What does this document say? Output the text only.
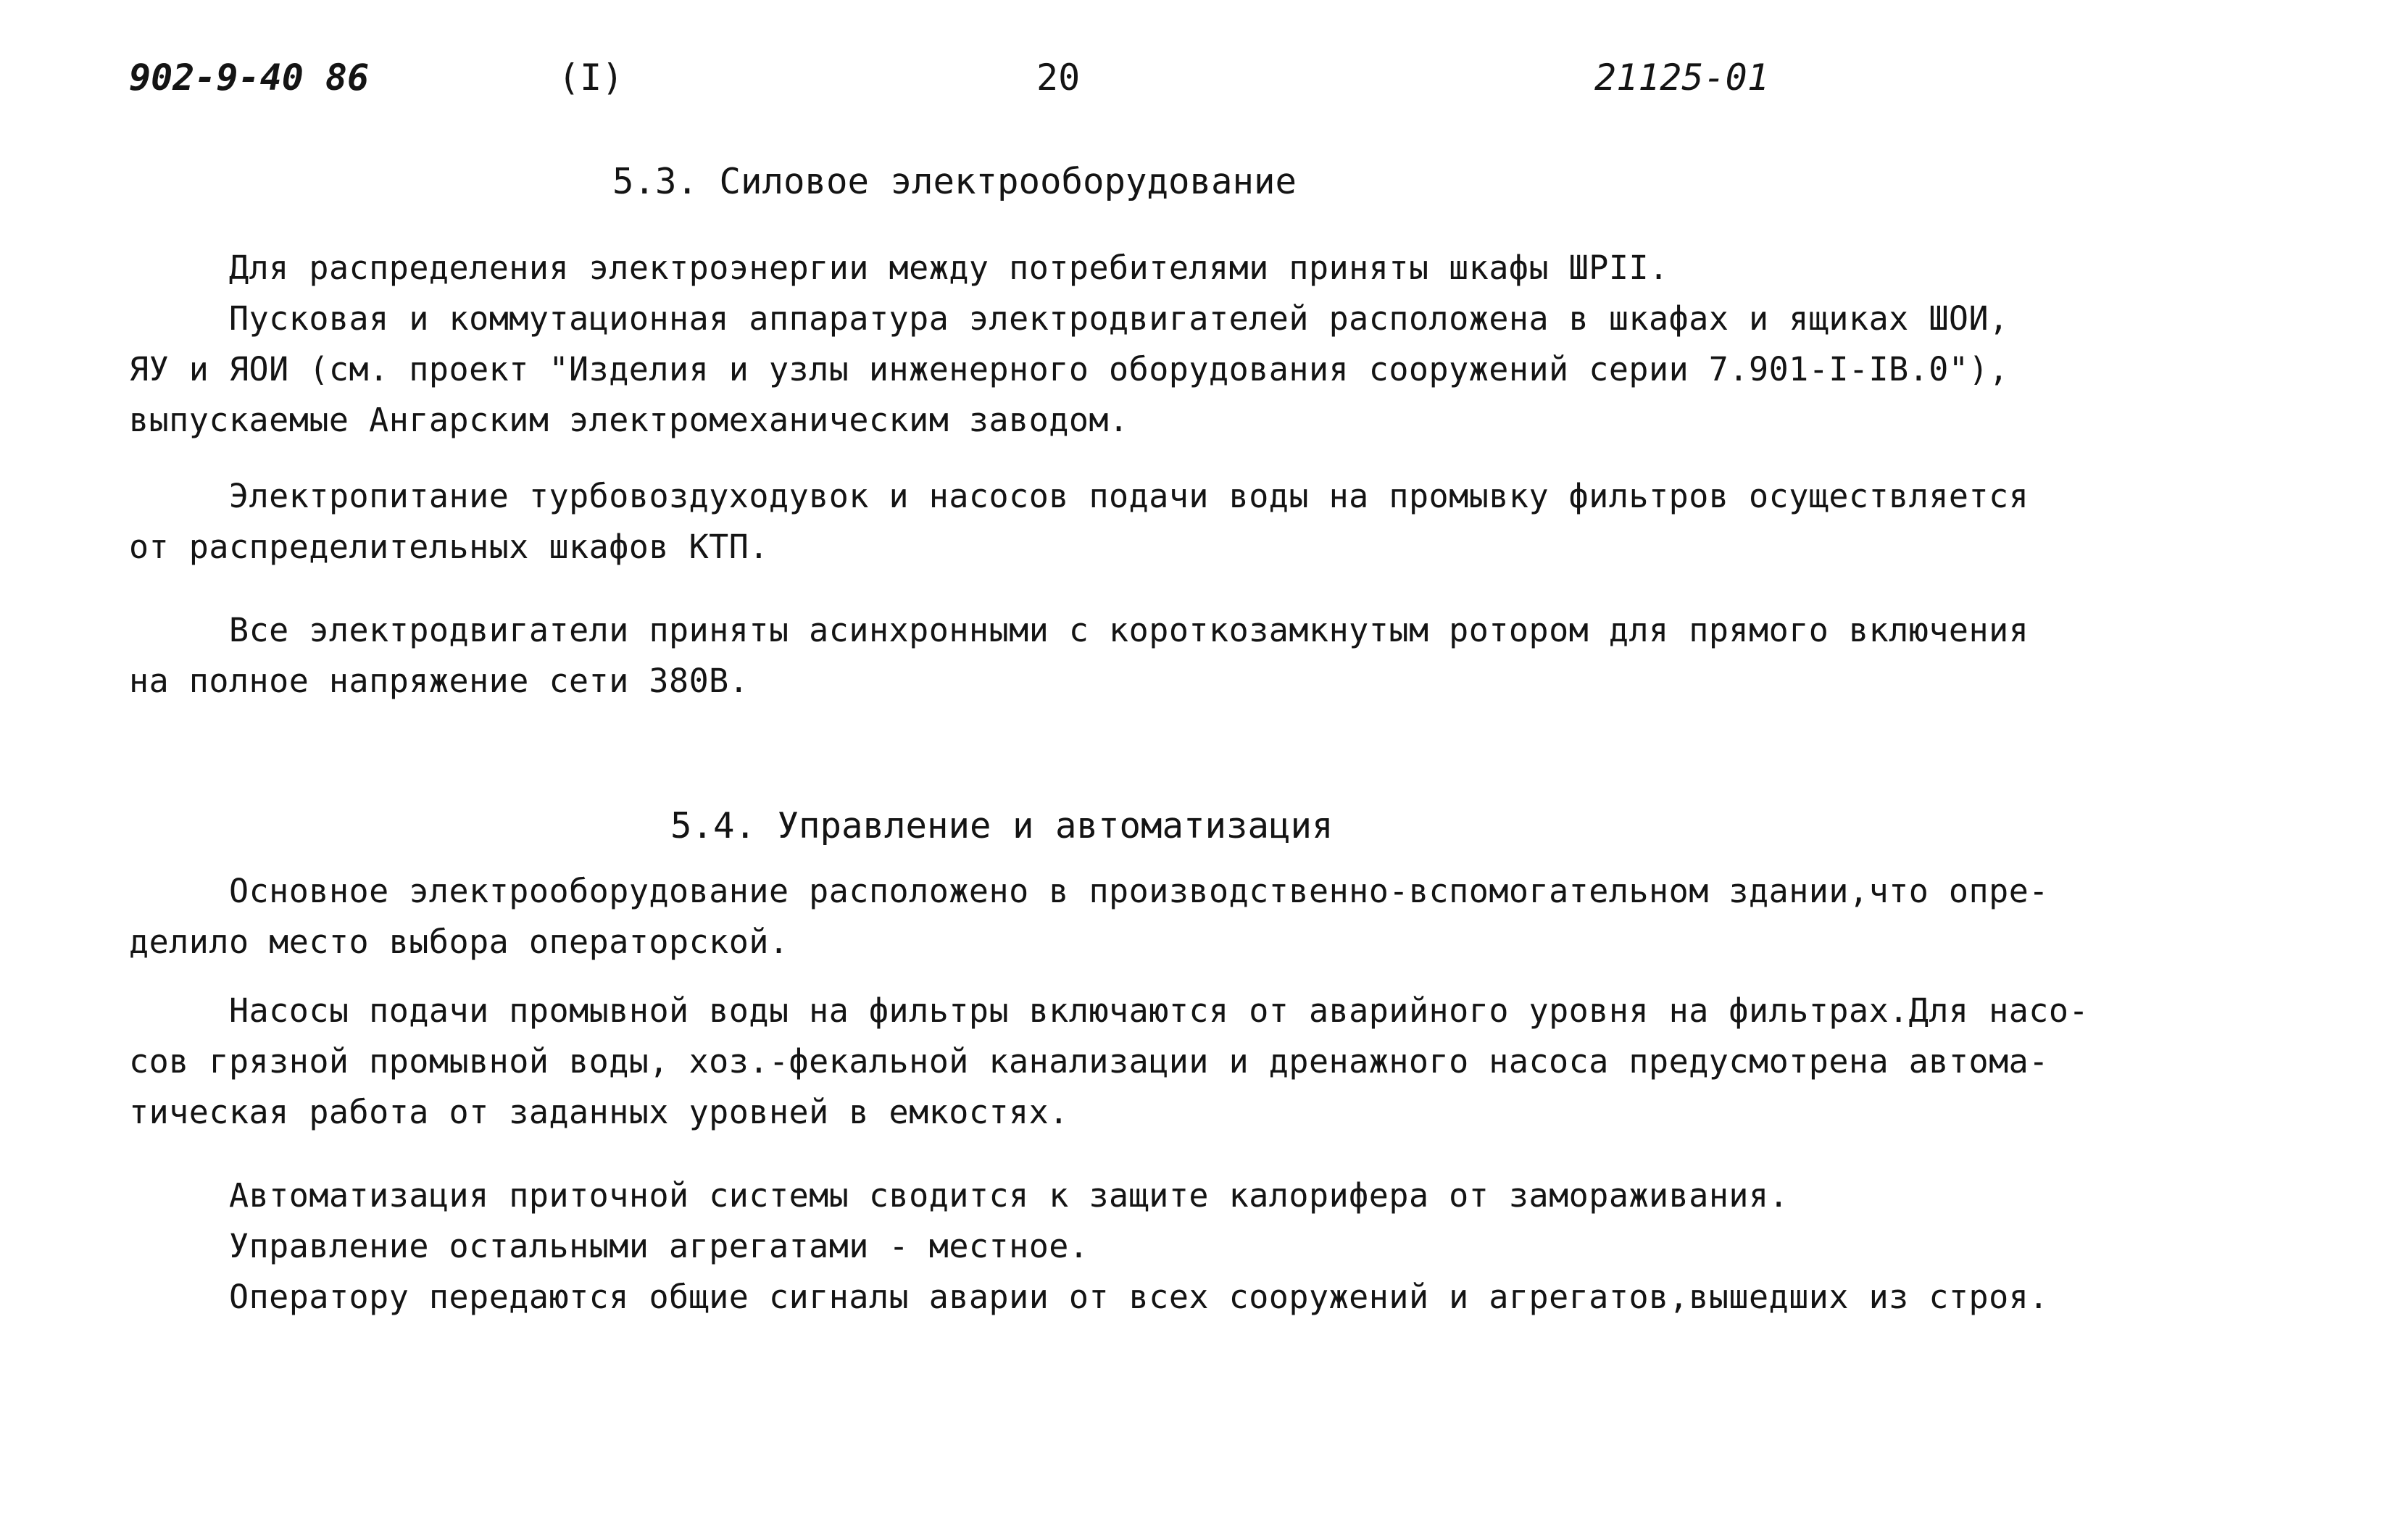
902-9-40 86	(I)	20	21125-01
5.3. Силовое электрооборудование
Для распределения электроэнергии между потребителями приняты шкафы ШРII.
Пусковая и коммутационная аппаратура электродвигателей расположена в шкафах и ящиках ШОИ,
ЯУ и ЯОИ (см. проект "Изделия и узлы инженерного оборудования сооружений серии 7.901-I-IB.0"),
выпускаемые Ангарским электромеханическим заводом.
Электропитание турбовоздуходувок и насосов подачи воды на промывку фильтров осуществляется
от распределительных шкафов КТП.
Все электродвигатели приняты асинхронными с короткозамкнутым ротором для прямого включения
на полное напряжение сети 380В.
5.4. Управление и автоматизация
Основное электрооборудование расположено в производственно-вспомогательном здании,что опре-
делило место выбора операторской.
Насосы подачи промывной воды на фильтры включаются от аварийного уровня на фильтрах.Для насо-
сов грязной промывной воды, хоз.-фекальной канализации и дренажного насоса предусмотрена автома-
тическая работа от заданных уровней в емкостях.
Автоматизация приточной системы сводится к защите калорифера от замораживания.
Управление остальными агрегатами - местное.
Оператору передаются общие сигналы аварии от всех сооружений и агрегатов,вышедших из строя.
